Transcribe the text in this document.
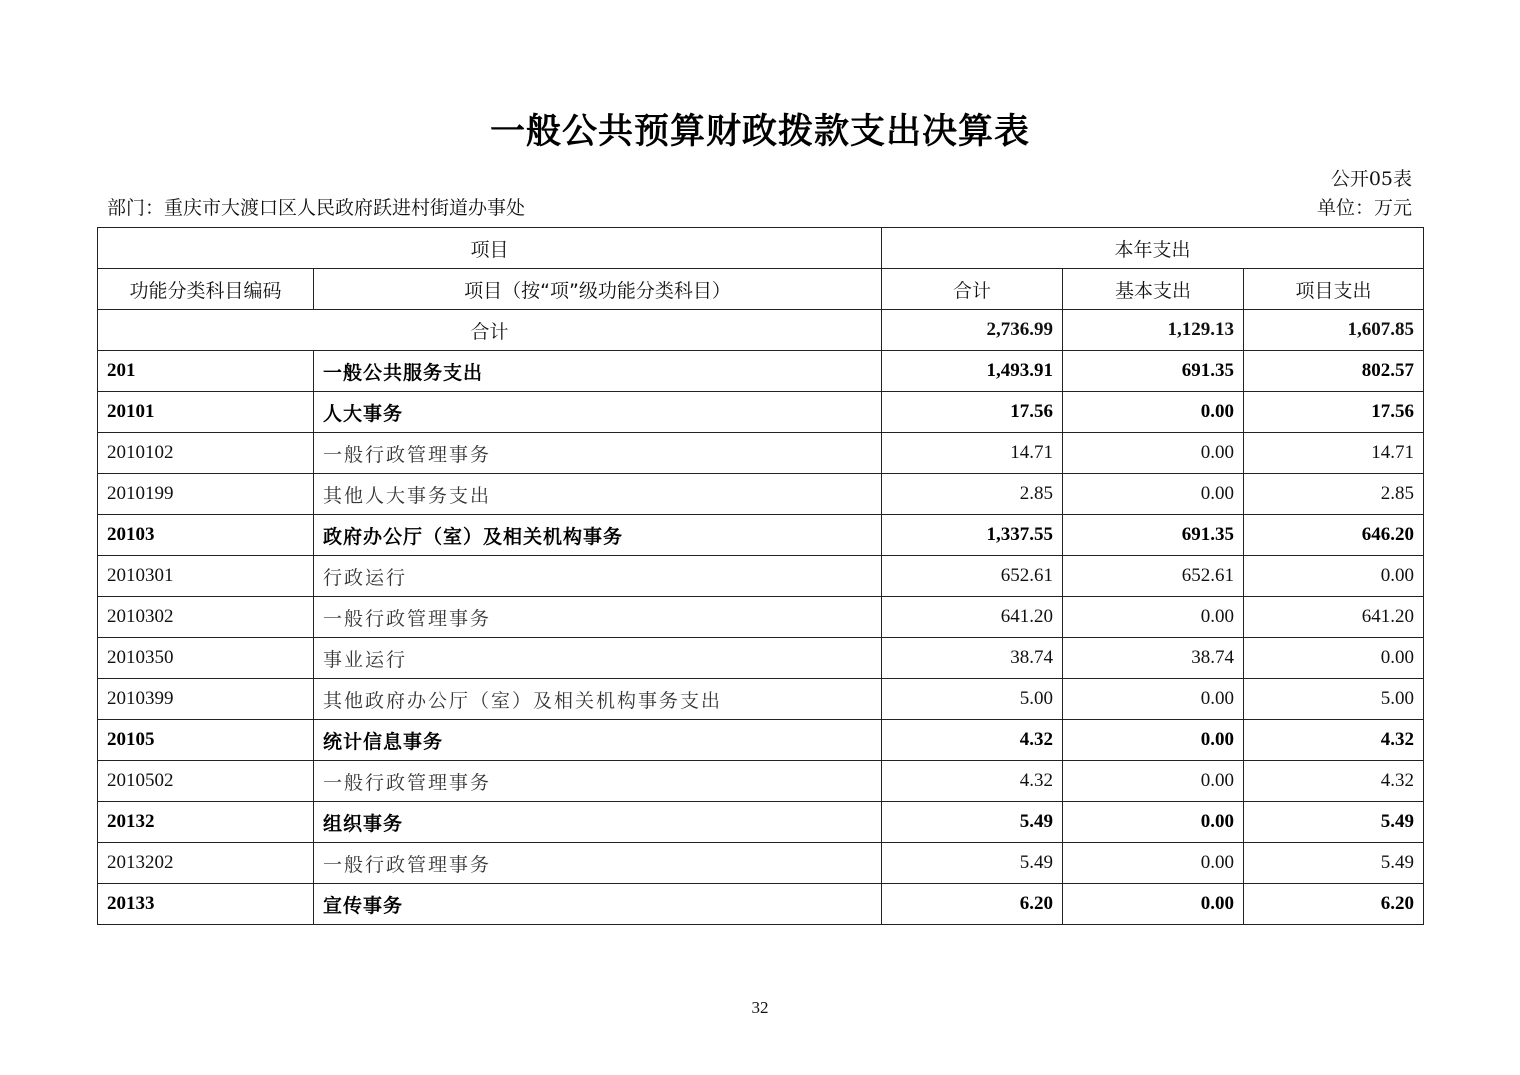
一般公共预算财政拨款支出决算表
公开05表
部门：重庆市大渡口区人民政府跃进村街道办事处	单位：万元
项目		本年支出		
功能分类科目编码	项目（按“项”级功能分类科目）	合计	基本支出	项目支出
合计		2,736.99	1,129.13	1,607.85
201	一般公共服务支出	1,493.91	691.35	802.57
20101	人大事务	17.56	0.00	17.56
2010102	一般行政管理事务	14.71	0.00	14.71
2010199	其他人大事务支出	2.85	0.00	2.85
20103	政府办公厅（室）及相关机构事务	1,337.55	691.35	646.20
2010301	行政运行	652.61	652.61	0.00
2010302	一般行政管理事务	641.20	0.00	641.20
2010350	事业运行	38.74	38.74	0.00
2010399	其他政府办公厅（室）及相关机构事务支出	5.00	0.00	5.00
20105	统计信息事务	4.32	0.00	4.32
2010502	一般行政管理事务	4.32	0.00	4.32
20132	组织事务	5.49	0.00	5.49
2013202	一般行政管理事务	5.49	0.00	5.49
20133	宣传事务	6.20	0.00	6.20
32
